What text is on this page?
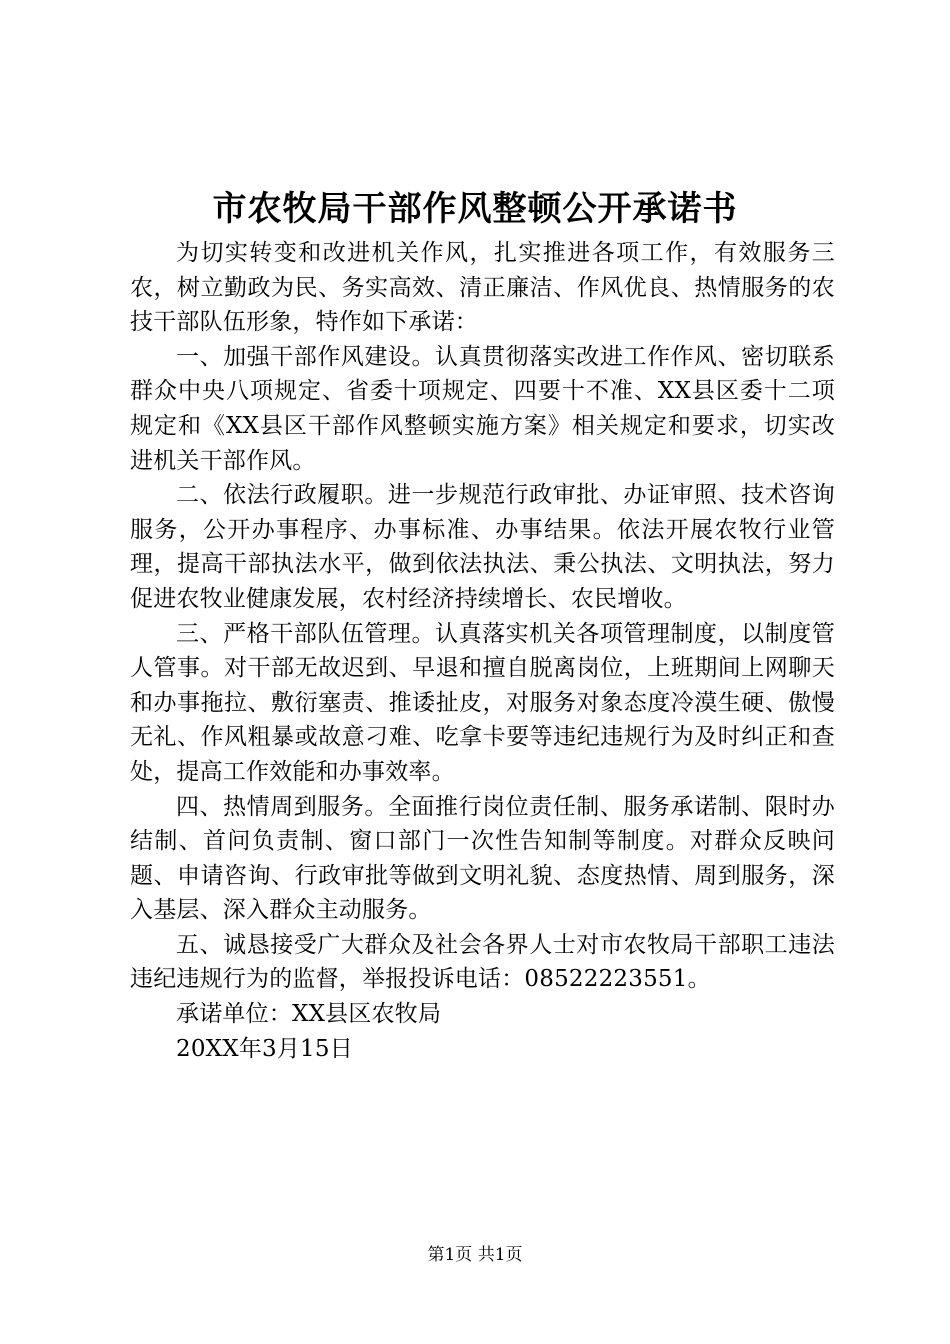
市农牧局干部作风整顿公开承诺书

为切实转变和改进机关作风，扎实推进各项工作，有效服务三农，树立勤政为民、务实高效、清正廉洁、作风优良、热情服务的农技干部队伍形象，特作如下承诺：

一、加强干部作风建设。认真贯彻落实改进工作作风、密切联系群众中央八项规定、省委十项规定、四要十不准、XX县区委十二项规定和《XX县区干部作风整顿实施方案》相关规定和要求，切实改进机关干部作风。

二、依法行政履职。进一步规范行政审批、办证审照、技术咨询服务，公开办事程序、办事标准、办事结果。依法开展农牧行业管理，提高干部执法水平，做到依法执法、秉公执法、文明执法，努力促进农牧业健康发展，农村经济持续增长、农民增收。

三、严格干部队伍管理。认真落实机关各项管理制度，以制度管人管事。对干部无故迟到、早退和擅自脱离岗位，上班期间上网聊天和办事拖拉、敷衍塞责、推诿扯皮，对服务对象态度冷漠生硬、傲慢无礼、作风粗暴或故意刁难、吃拿卡要等违纪违规行为及时纠正和查处，提高工作效能和办事效率。

四、热情周到服务。全面推行岗位责任制、服务承诺制、限时办结制、首问负责制、窗口部门一次性告知制等制度。对群众反映问题、申请咨询、行政审批等做到文明礼貌、态度热情、周到服务，深入基层、深入群众主动服务。

五、诚恳接受广大群众及社会各界人士对市农牧局干部职工违法违纪违规行为的监督，举报投诉电话：08522223551。

承诺单位：XX县区农牧局

20XX年3月15日

第1页 共1页
